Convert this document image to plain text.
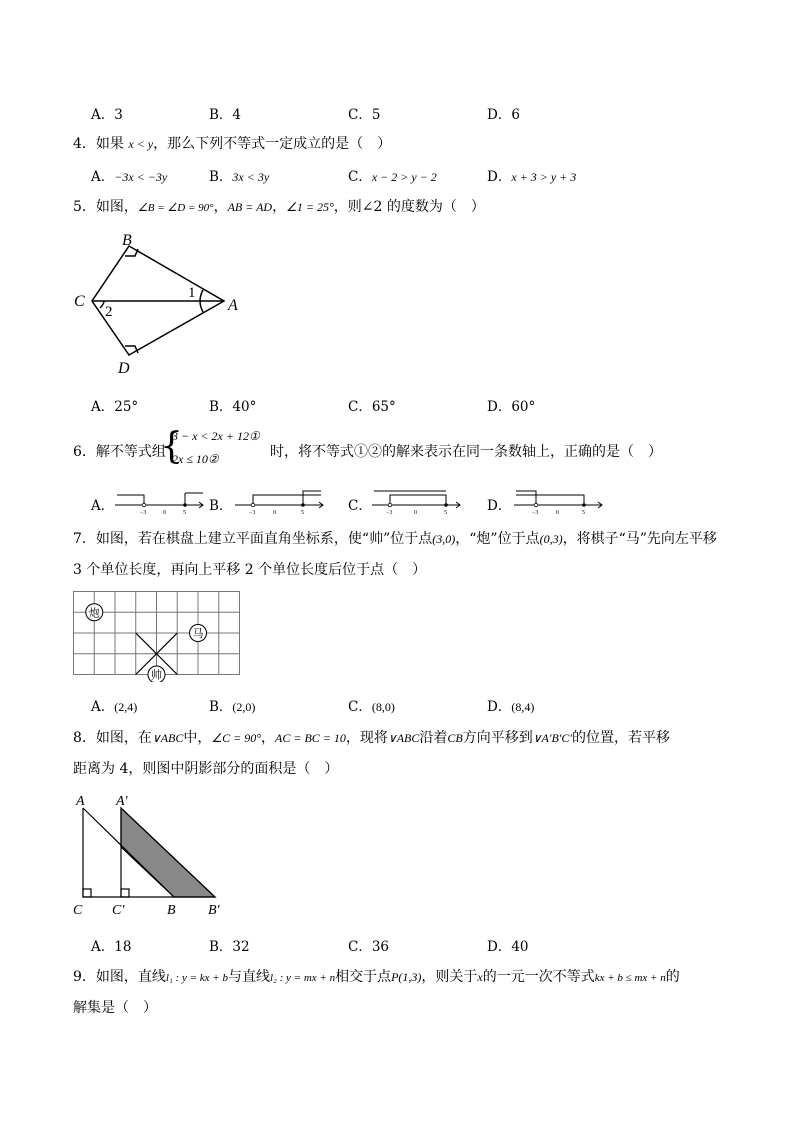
A．3	B．4	C．5	D．6
4．如果 x < y，那么下列不等式一定成立的是（　）
A．−3x < −3y	B．3x < 3y	C．x − 2 > y − 2	D．x + 3 > y + 3
5．如图，∠B = ∠D = 90°，AB = AD，∠1 = 25°，则∠2 的度数为（　）
B
A
C
D
1
2
A．25°	B．40°	C．65°	D．60°
6．解不等式组
{
3 − x < 2x + 12①
2x ≤ 10②	时，将不等式①②的解来表示在同一条数轴上，正确的是（　）
A．	B．	C．	D．
−3	0	5	−3	0	5	−3	0	5	−3	0	5
7．如图，若在棋盘上建立平面直角坐标系，使“帅”位于点(3,0)，“炮”位于点(0,3)，将棋子“马”先向左平移
3 个单位长度，再向上平移 2 个单位长度后位于点（　）
炮
马
帅
A．(2,4)	B．(2,0)	C．(8,0)	D．(8,4)
8．如图，在∨ABC中，∠C = 90°，AC = BC = 10，现将∨ABC沿着CB方向平移到∨A′B′C′的位置，若平移
距离为 4，则图中阴影部分的面积是（　）
A A′
C C′	B B′
A．18	B．32	C．36	D．40
9．如图，直线l₁ : y = kx + b与直线l₂ : y = mx + n相交于点P(1,3)，则关于x的一元一次不等式kx + b ≤ mx + n的
解集是（　）
